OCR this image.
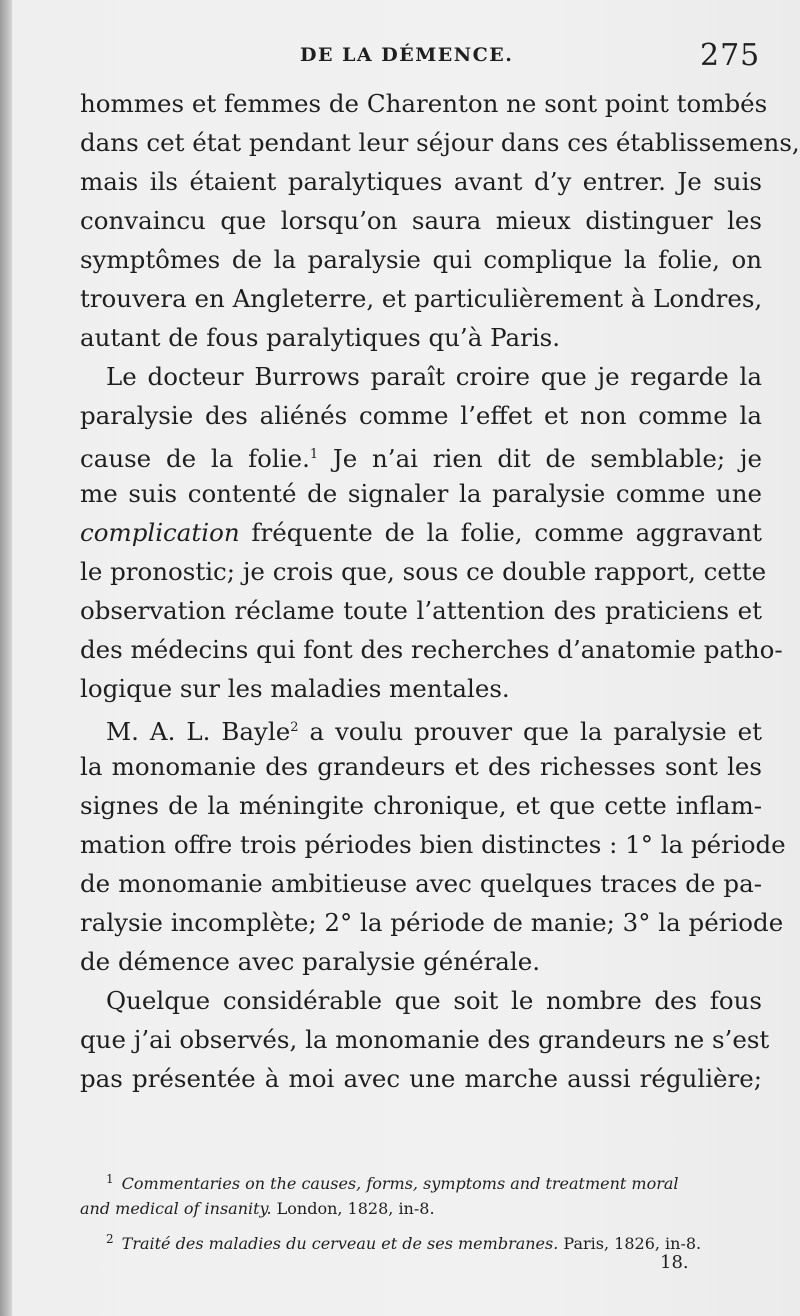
DE LA DÉMENCE.	275
hommes et femmes de Charenton ne sont point tombés
dans cet état pendant leur séjour dans ces établissemens,
mais ils étaient paralytiques avant d’y entrer. Je suis
convaincu que lorsqu’on saura mieux distinguer les
symptômes de la paralysie qui complique la folie, on
trouvera en Angleterre, et particulièrement à Londres,
autant de fous paralytiques qu’à Paris.
Le docteur Burrows paraît croire que je regarde la
paralysie des aliénés comme l’effet et non comme la
cause de la folie.$^1$ Je n’ai rien dit de semblable; je
me suis contenté de signaler la paralysie comme une
complication fréquente de la folie, comme aggravant
le pronostic; je crois que, sous ce double rapport, cette
observation réclame toute l’attention des praticiens et
des médecins qui font des recherches d’anatomie patho-
logique sur les maladies mentales.
M. A. L. Bayle$^2$ a voulu prouver que la paralysie et
la monomanie des grandeurs et des richesses sont les
signes de la méningite chronique, et que cette inflam-
mation offre trois périodes bien distinctes : 1° la période
de monomanie ambitieuse avec quelques traces de pa-
ralysie incomplète; 2° la période de manie; 3° la période
de démence avec paralysie générale.
Quelque considérable que soit le nombre des fous
que j’ai observés, la monomanie des grandeurs ne s’est
pas présentée à moi avec une marche aussi régulière;
$^1$ Commentaries on the causes, forms, symptoms and treatment moral
and medical of insanity. London, 1828, in-8.
$^2$ Traité des maladies du cerveau et de ses membranes. Paris, 1826, in-8.
18.
